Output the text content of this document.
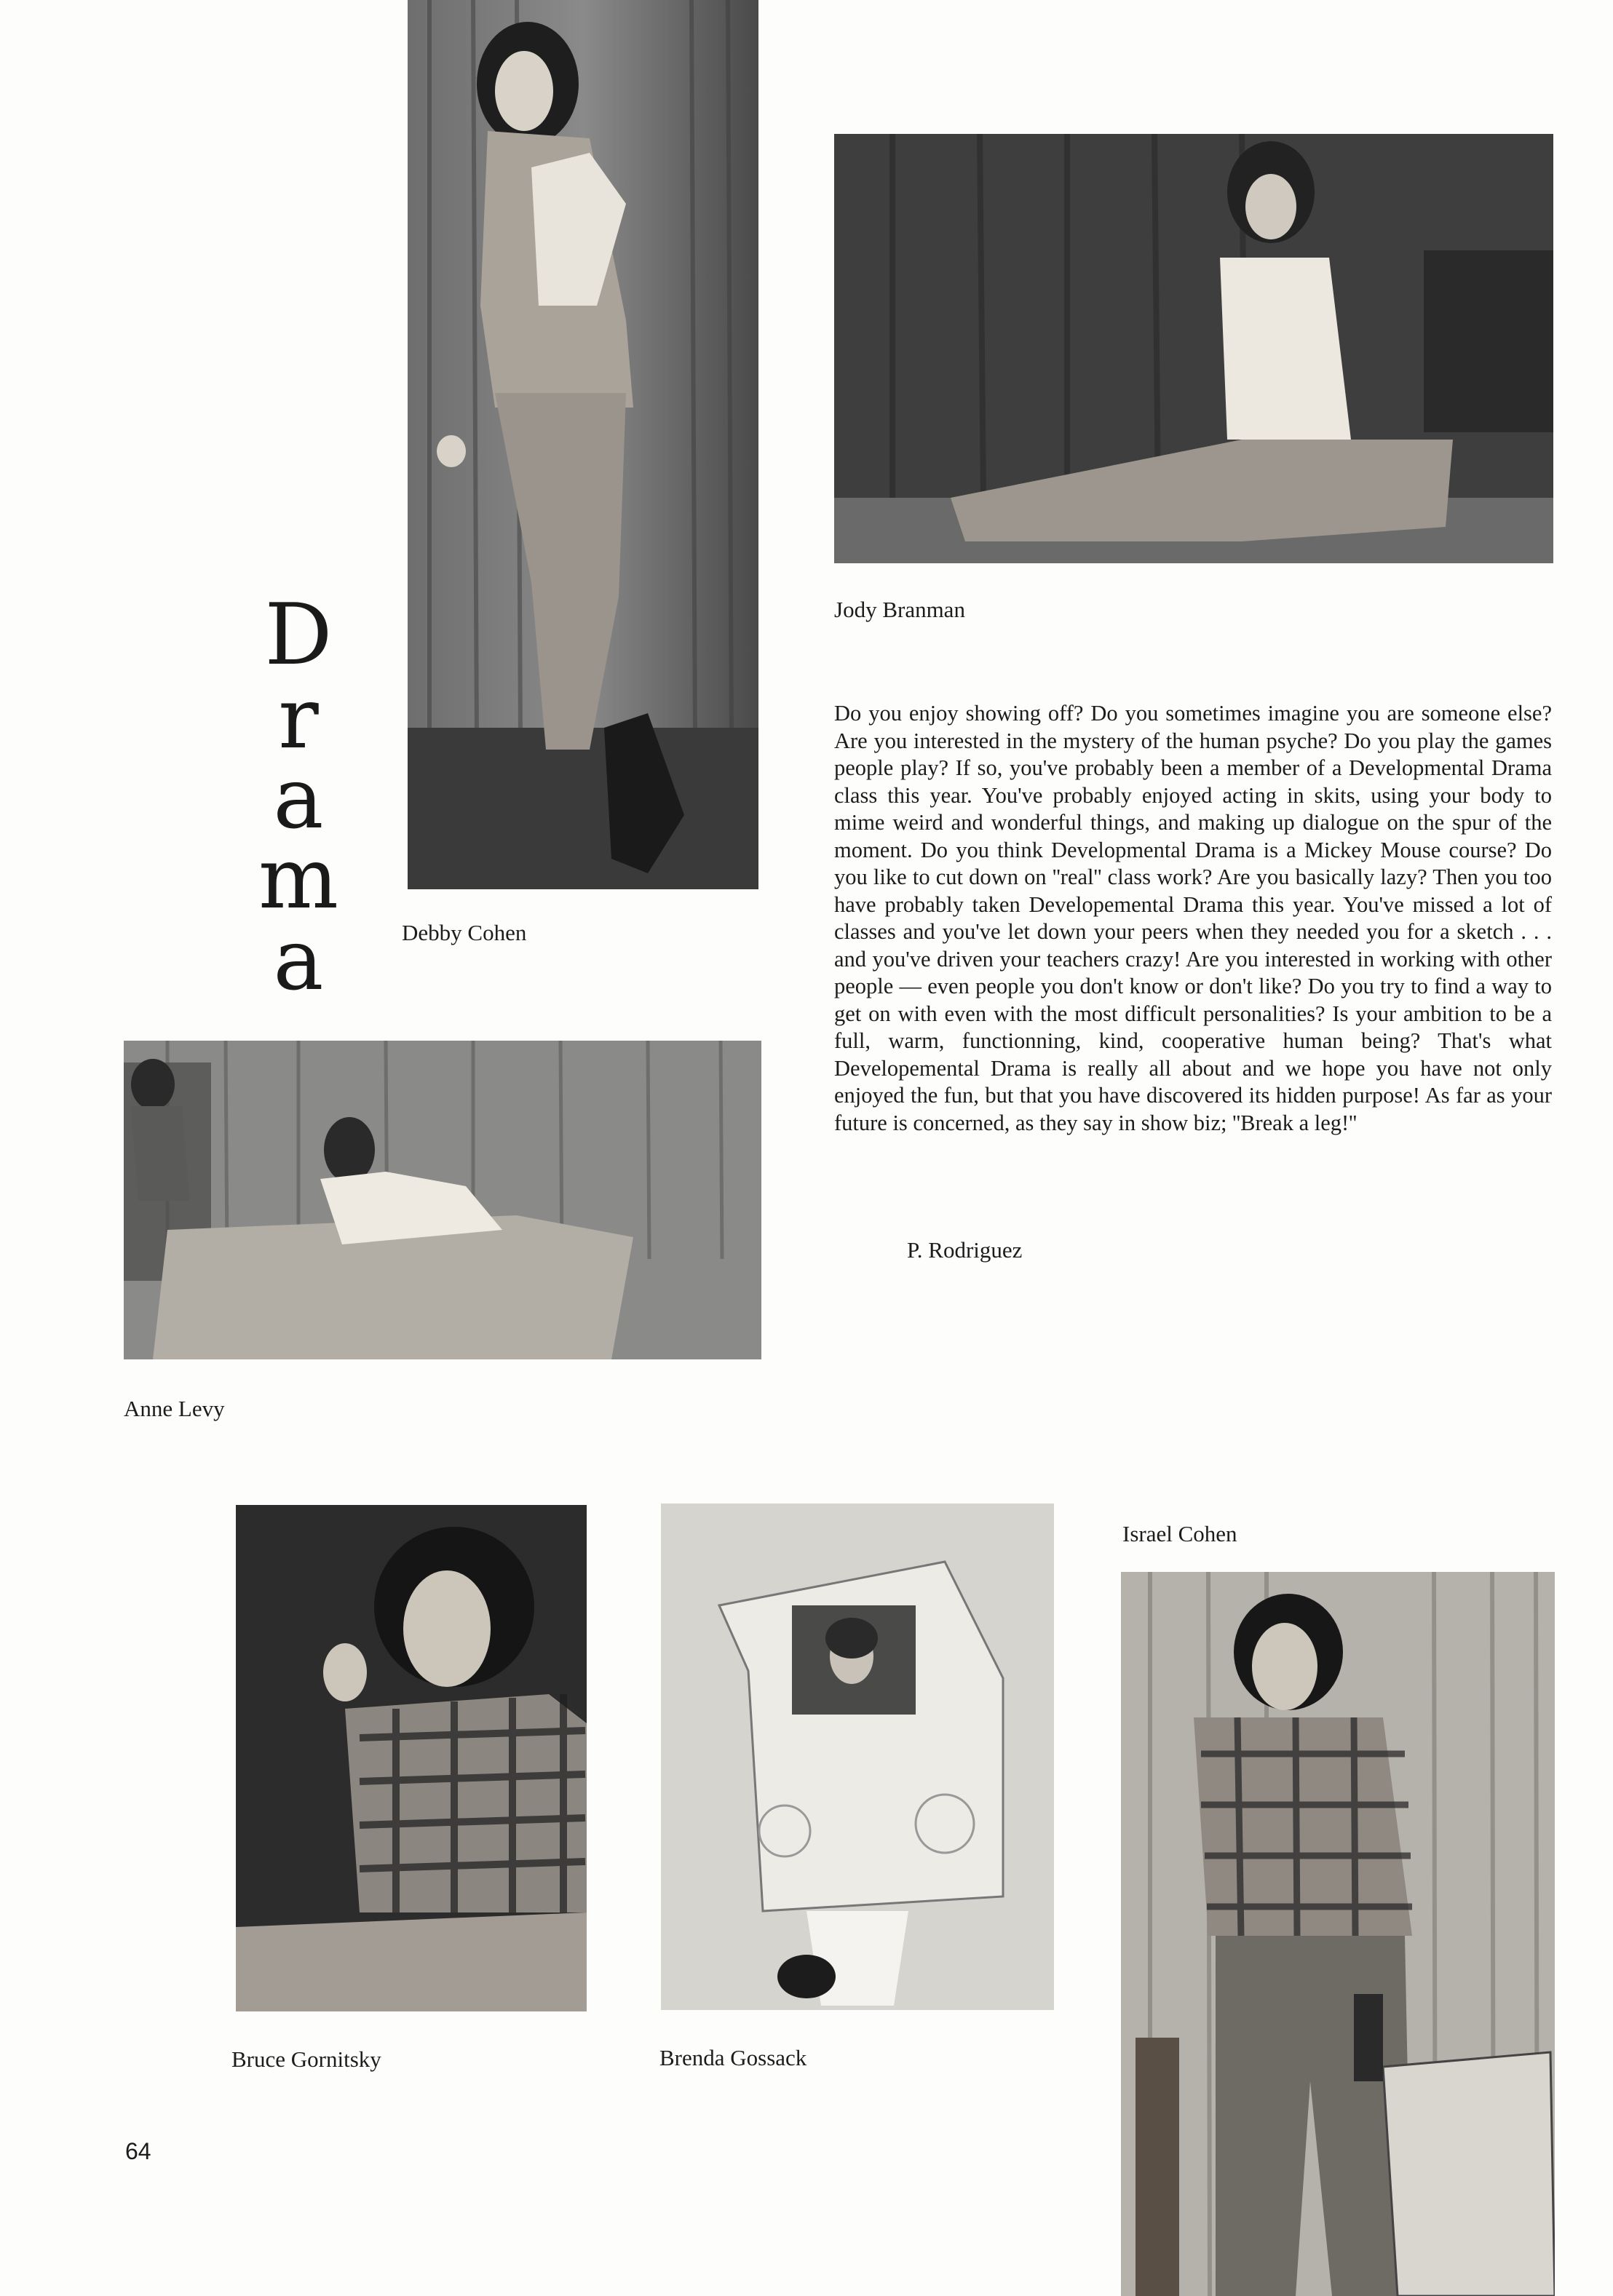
D
r
a
m
a	Debby Cohen
Jody Branman
Do you enjoy showing off? Do you sometimes imagine you are someone else? Are you interested in the mystery of the human psyche? Do you play the games people play? If so, you've probably been a member of a Developmental Drama class this year. You've probably enjoyed acting in skits, using your body to mime weird and wonderful things, and making up dialogue on the spur of the moment. Do you think Developmental Drama is a Mickey Mouse course? Do you like to cut down on ''real'' class work? Are you basically lazy? Then you too have probably taken Developemental Drama this year. You've missed a lot of classes and you've let down your peers when they needed you for a sketch . . . and you've driven your teachers crazy! Are you interested in working with other people — even people you don't know or don't like? Do you try to find a way to get on with even with the most difficult personalities? Is your ambition to be a full, warm, functionning, kind, cooperative human being? That's what Developemental Drama is really all about and we hope you have not only enjoyed the fun, but that you have discovered its hidden purpose! As far as your future is concerned, as they say in show biz; ''Break a leg!''
P. Rodriguez
Anne Levy
Bruce Gornitsky	Brenda Gossack
Israel Cohen
64
